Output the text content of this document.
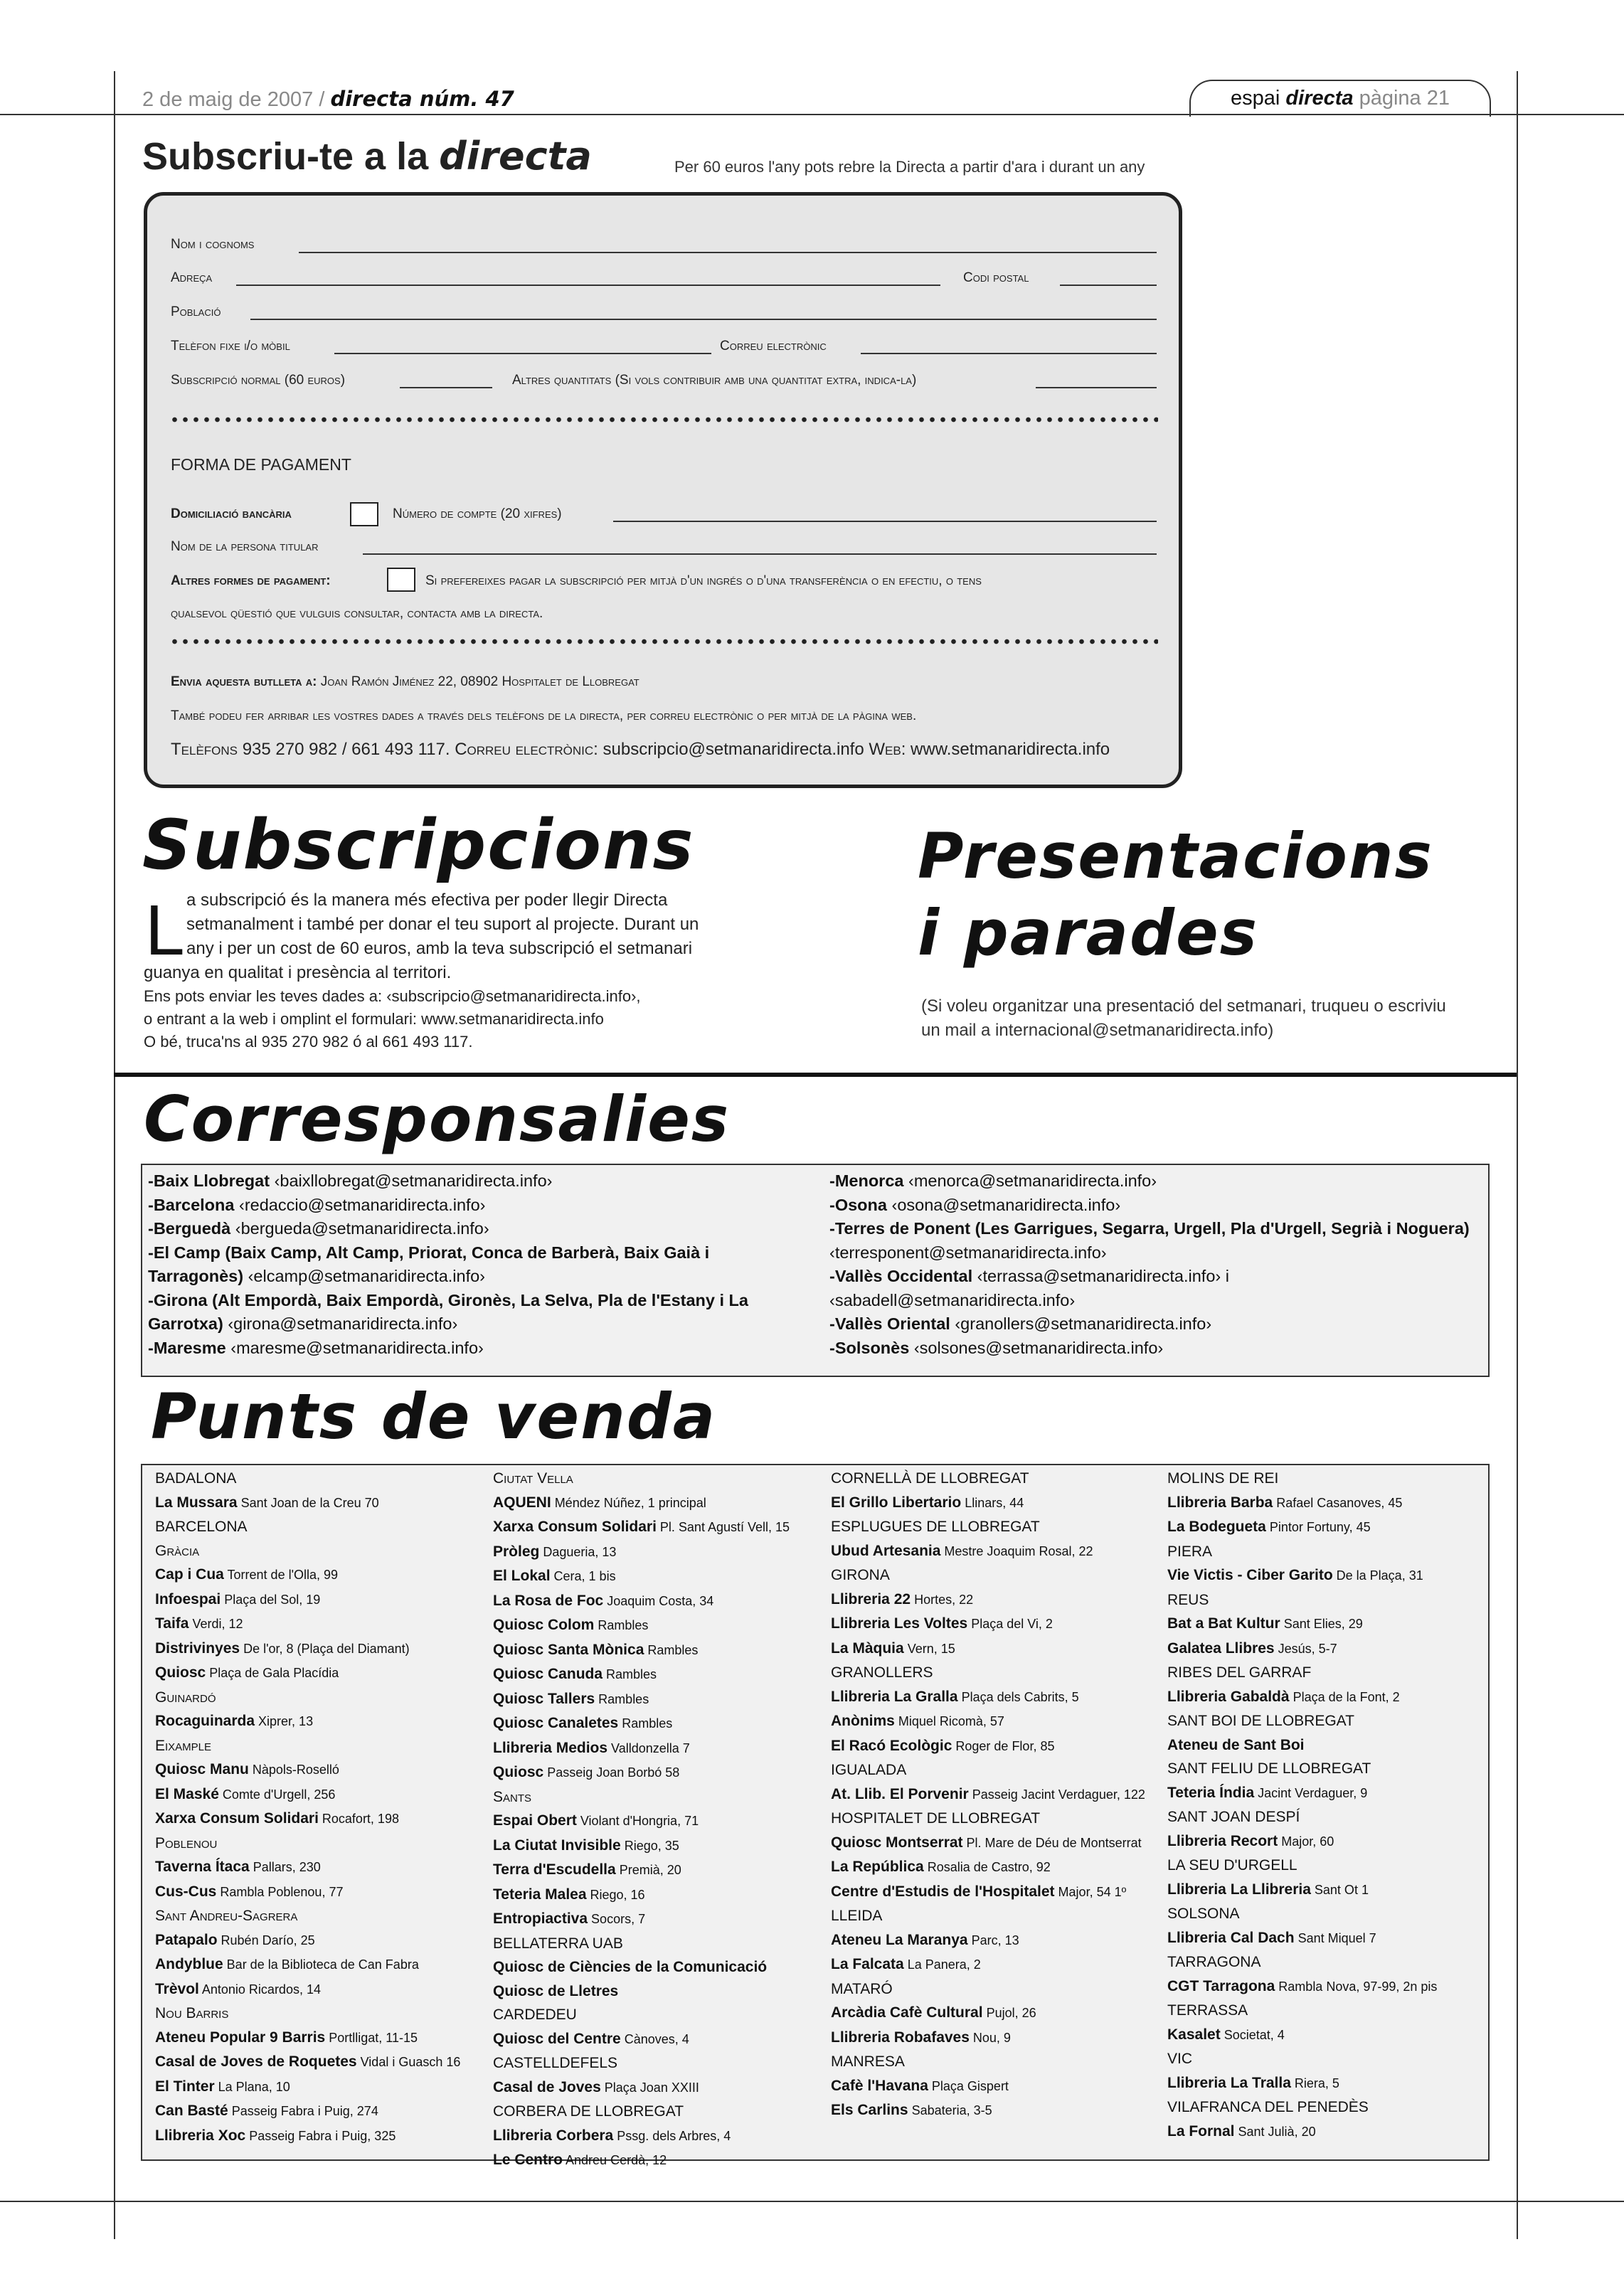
2 de maig de 2007 / directa núm. 47	espai directa pàgina 21
Subscriu-te a la directa	Per 60 euros l'any pots rebre la Directa a partir d'ara i durant un any
Nom i cognoms
Adreça	Codi postal
Població
Telèfon fixe i/o mòbil	Correu electrònic
Subscripció normal (60 euros)	Altres quantitats (Si vols contribuir amb una quantitat extra, indica-la)
FORMA DE PAGAMENT
Domiciliació bancària	Número de compte (20 xifres)
Nom de la persona titular
Altres formes de pagament:	Si prefereixes pagar la subscripció per mitjà d'un ingrés o d'una transferència o en efectiu, o tens
qualsevol qüestió que vulguis consultar, contacta amb la directa.
Envia aquesta butlleta a: Joan Ramón Jiménez 22, 08902 Hospitalet de Llobregat
També podeu fer arribar les vostres dades a través dels telèfons de la directa, per correu electrònic o per mitjà de la pàgina web.
Telèfons 935 270 982 / 661 493 117. Correu electrònic: subscripcio@setmanaridirecta.info Web: www.setmanaridirecta.info
Subscripcions
L a subscripció és la manera més efectiva per poder llegir Directa
setmanalment i també per donar el teu suport al projecte. Durant un
any i per un cost de 60 euros, amb la teva subscripció el setmanari
guanya en qualitat i presència al territori.
Ens pots enviar les teves dades a: ‹subscripcio@setmanaridirecta.info›,
o entrant a la web i omplint el formulari: www.setmanaridirecta.info
O bé, truca'ns al 935 270 982 ó al 661 493 117.
Presentacions
i parades
(Si voleu organitzar una presentació del setmanari, truqueu o escriviu un mail a internacional@setmanaridirecta.info)
Corresponsalies
-Baix Llobregat ‹baixllobregat@setmanaridirecta.info›
-Barcelona ‹redaccio@setmanaridirecta.info›
-Berguedà ‹bergueda@setmanaridirecta.info›
-El Camp (Baix Camp, Alt Camp, Priorat, Conca de Barberà, Baix Gaià i
Tarragonès) ‹elcamp@setmanaridirecta.info›
-Girona (Alt Empordà, Baix Empordà, Gironès, La Selva, Pla de l'Estany i La
Garrotxa) ‹girona@setmanaridirecta.info›
-Maresme ‹maresme@setmanaridirecta.info›
-Menorca ‹menorca@setmanaridirecta.info›
-Osona ‹osona@setmanaridirecta.info›
-Terres de Ponent (Les Garrigues, Segarra, Urgell, Pla d'Urgell, Segrià i Noguera)
‹terresponent@setmanaridirecta.info›
-Vallès Occidental ‹terrassa@setmanaridirecta.info› i
‹sabadell@setmanaridirecta.info›
-Vallès Oriental ‹granollers@setmanaridirecta.info›
-Solsonès ‹solsones@setmanaridirecta.info›
Punts de venda
BADALONA
La Mussara Sant Joan de la Creu 70
BARCELONA
Gràcia
Cap i Cua Torrent de l'Olla, 99
Infoespai Plaça del Sol, 19
Taifa Verdi, 12
Distrivinyes De l'or, 8 (Plaça del Diamant)
Quiosc Plaça de Gala Placídia
Guinardó
Rocaguinarda Xiprer, 13
Eixample
Quiosc Manu Nàpols-Roselló
El Maské Comte d'Urgell, 256
Xarxa Consum Solidari Rocafort, 198
Poblenou
Taverna Ítaca Pallars, 230
Cus-Cus Rambla Poblenou, 77
Sant Andreu-Sagrera
Patapalo Rubén Darío, 25
Andyblue Bar de la Biblioteca de Can Fabra
Trèvol Antonio Ricardos, 14
Nou Barris
Ateneu Popular 9 Barris Portlligat, 11-15
Casal de Joves de Roquetes Vidal i Guasch 16
El Tinter La Plana, 10
Can Basté Passeig Fabra i Puig, 274
Llibreria Xoc Passeig Fabra i Puig, 325
Ciutat Vella
AQUENI Méndez Núñez, 1 principal
Xarxa Consum Solidari Pl. Sant Agustí Vell, 15
Pròleg Dagueria, 13
El Lokal Cera, 1 bis
La Rosa de Foc Joaquim Costa, 34
Quiosc Colom Rambles
Quiosc Santa Mònica Rambles
Quiosc Canuda Rambles
Quiosc Tallers Rambles
Quiosc Canaletes Rambles
Llibreria Medios Valldonzella 7
Quiosc Passeig Joan Borbó 58
Sants
Espai Obert Violant d'Hongria, 71
La Ciutat Invisible Riego, 35
Terra d'Escudella Premià, 20
Teteria Malea Riego, 16
Entropiactiva Socors, 7
BELLATERRA UAB
Quiosc de Ciències de la Comunicació
Quiosc de Lletres
CARDEDEU
Quiosc del Centre Cànoves, 4
CASTELLDEFELS
Casal de Joves Plaça Joan XXIII
CORBERA DE LLOBREGAT
Llibreria Corbera Pssg. dels Arbres, 4
Le Centro Andreu Cerdà, 12
CORNELLÀ DE LLOBREGAT
El Grillo Libertario Llinars, 44
ESPLUGUES DE LLOBREGAT
Ubud Artesania Mestre Joaquim Rosal, 22
GIRONA
Llibreria 22 Hortes, 22
Llibreria Les Voltes Plaça del Vi, 2
La Màquia Vern, 15
GRANOLLERS
Llibreria La Gralla Plaça dels Cabrits, 5
Anònims Miquel Ricomà, 57
El Racó Ecològic Roger de Flor, 85
IGUALADA
At. Llib. El Porvenir Passeig Jacint Verdaguer, 122
HOSPITALET DE LLOBREGAT
Quiosc Montserrat Pl. Mare de Déu de Montserrat
La República Rosalia de Castro, 92
Centre d'Estudis de l'Hospitalet Major, 54 1º
LLEIDA
Ateneu La Maranya Parc, 13
La Falcata La Panera, 2
MATARÓ
Arcàdia Cafè Cultural Pujol, 26
Llibreria Robafaves Nou, 9
MANRESA
Cafè l'Havana Plaça Gispert
Els Carlins Sabateria, 3-5
MOLINS DE REI
Llibreria Barba Rafael Casanoves, 45
La Bodegueta Pintor Fortuny, 45
PIERA
Vie Victis - Ciber Garito De la Plaça, 31
REUS
Bat a Bat Kultur Sant Elies, 29
Galatea Llibres Jesús, 5-7
RIBES DEL GARRAF
Llibreria Gabaldà Plaça de la Font, 2
SANT BOI DE LLOBREGAT
Ateneu de Sant Boi
SANT FELIU DE LLOBREGAT
Teteria Índia Jacint Verdaguer, 9
SANT JOAN DESPÍ
Llibreria Recort Major, 60
LA SEU D'URGELL
Llibreria La Llibreria Sant Ot 1
SOLSONA
Llibreria Cal Dach Sant Miquel 7
TARRAGONA
CGT Tarragona Rambla Nova, 97-99, 2n pis
TERRASSA
Kasalet Societat, 4
VIC
Llibreria La Tralla Riera, 5
VILAFRANCA DEL PENEDÈS
La Fornal Sant Julià, 20
